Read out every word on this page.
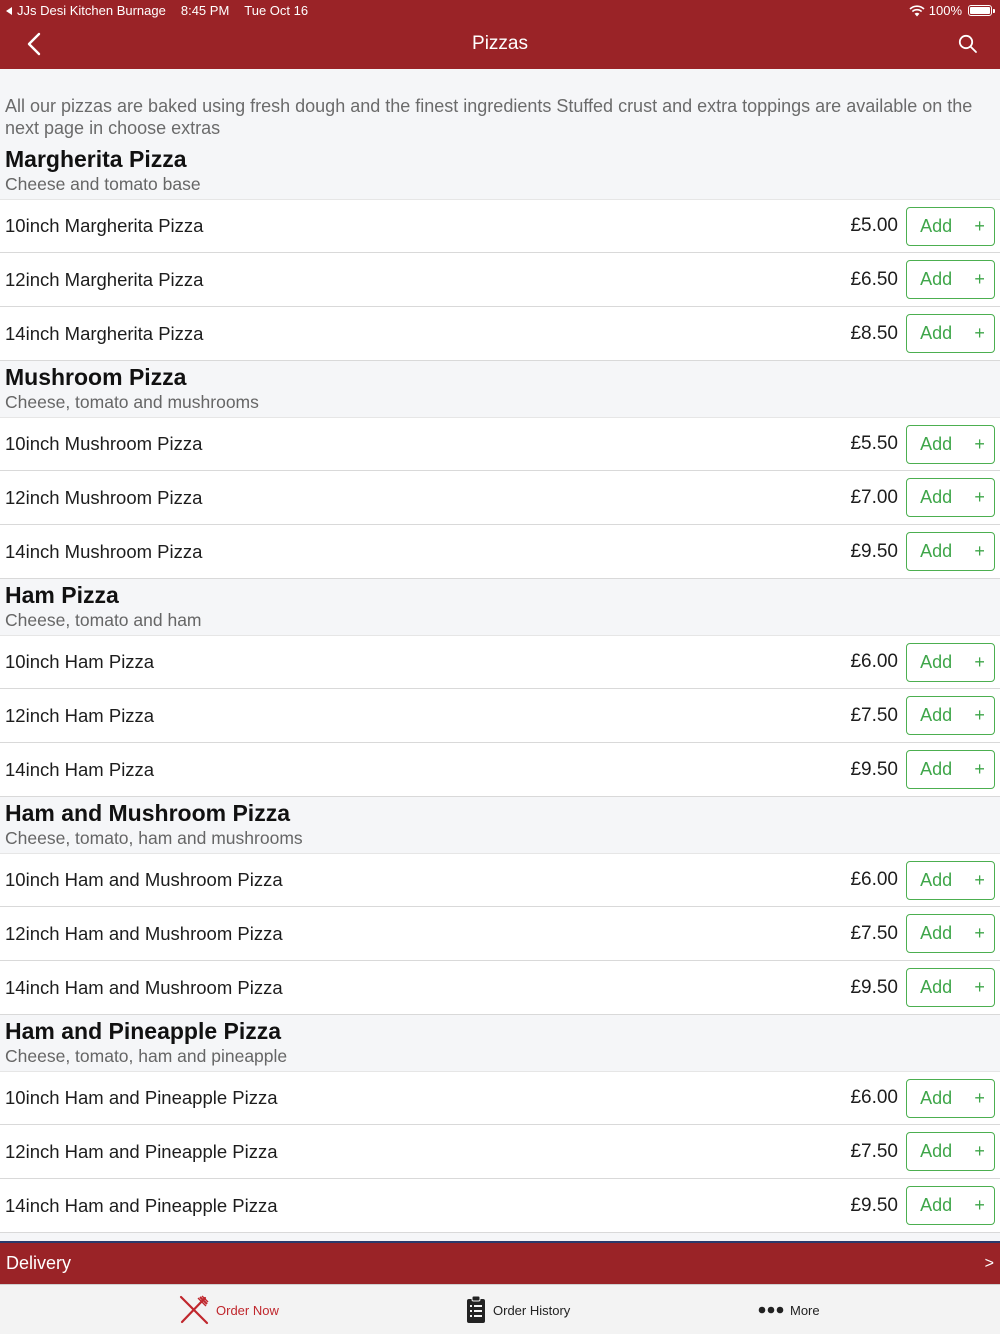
JJs Desi Kitchen Burnage 8:45 PM Tue Oct 16	100%
Pizzas
All our pizzas are baked using fresh dough and the finest ingredients Stuffed crust and extra toppings are available on the next page in choose extras
Margherita Pizza
Cheese and tomato base
10inch Margherita Pizza	£5.00	Add	+
12inch Margherita Pizza	£6.50	Add	+
14inch Margherita Pizza	£8.50	Add	+
Mushroom Pizza
Cheese, tomato and mushrooms
10inch Mushroom Pizza	£5.50	Add	+
12inch Mushroom Pizza	£7.00	Add	+
14inch Mushroom Pizza	£9.50	Add	+
Ham Pizza
Cheese, tomato and ham
10inch Ham Pizza	£6.00	Add	+
12inch Ham Pizza	£7.50	Add	+
14inch Ham Pizza	£9.50	Add	+
Ham and Mushroom Pizza
Cheese, tomato, ham and mushrooms
10inch Ham and Mushroom Pizza	£6.00	Add	+
12inch Ham and Mushroom Pizza	£7.50	Add	+
14inch Ham and Mushroom Pizza	£9.50	Add	+
Ham and Pineapple Pizza
Cheese, tomato, ham and pineapple
10inch Ham and Pineapple Pizza	£6.00	Add	+
12inch Ham and Pineapple Pizza	£7.50	Add	+
14inch Ham and Pineapple Pizza	£9.50	Add	+
Delivery	>
Order Now	Order History	More
